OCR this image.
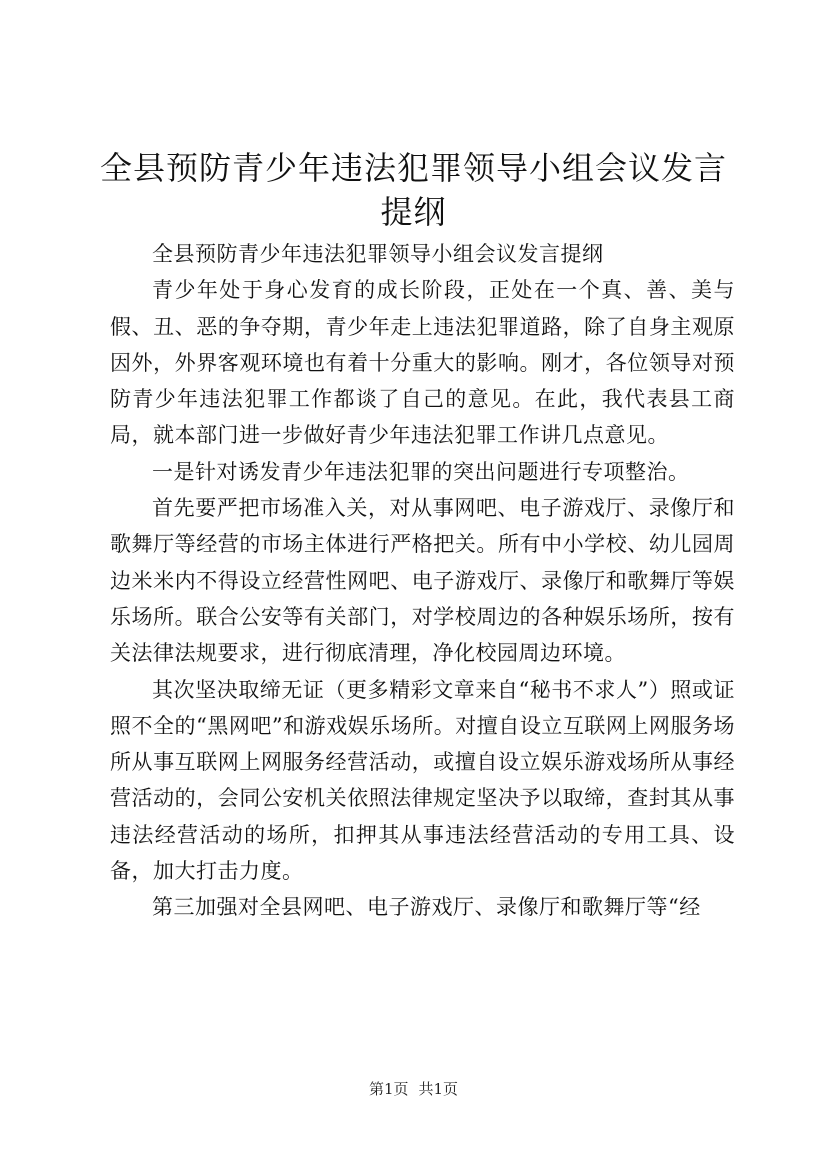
全县预防青少年违法犯罪领导小组会议发言提纲

全县预防青少年违法犯罪领导小组会议发言提纲

青少年处于身心发育的成长阶段，正处在一个真、善、美与假、丑、恶的争夺期，青少年走上违法犯罪道路，除了自身主观原因外，外界客观环境也有着十分重大的影响。刚才，各位领导对预防青少年违法犯罪工作都谈了自己的意见。在此，我代表县工商局，就本部门进一步做好青少年违法犯罪工作讲几点意见。

一是针对诱发青少年违法犯罪的突出问题进行专项整治。

首先要严把市场准入关，对从事网吧、电子游戏厅、录像厅和歌舞厅等经营的市场主体进行严格把关。所有中小学校、幼儿园周边米米内不得设立经营性网吧、电子游戏厅、录像厅和歌舞厅等娱乐场所。联合公安等有关部门，对学校周边的各种娱乐场所，按有关法律法规要求，进行彻底清理，净化校园周边环境。

其次坚决取缔无证（更多精彩文章来自“秘书不求人”）照或证照不全的“黑网吧”和游戏娱乐场所。对擅自设立互联网上网服务场所从事互联网上网服务经营活动，或擅自设立娱乐游戏场所从事经营活动的，会同公安机关依照法律规定坚决予以取缔，查封其从事违法经营活动的场所，扣押其从事违法经营活动的专用工具、设备，加大打击力度。

第三加强对全县网吧、电子游戏厅、录像厅和歌舞厅等“经

第1页 共1页
